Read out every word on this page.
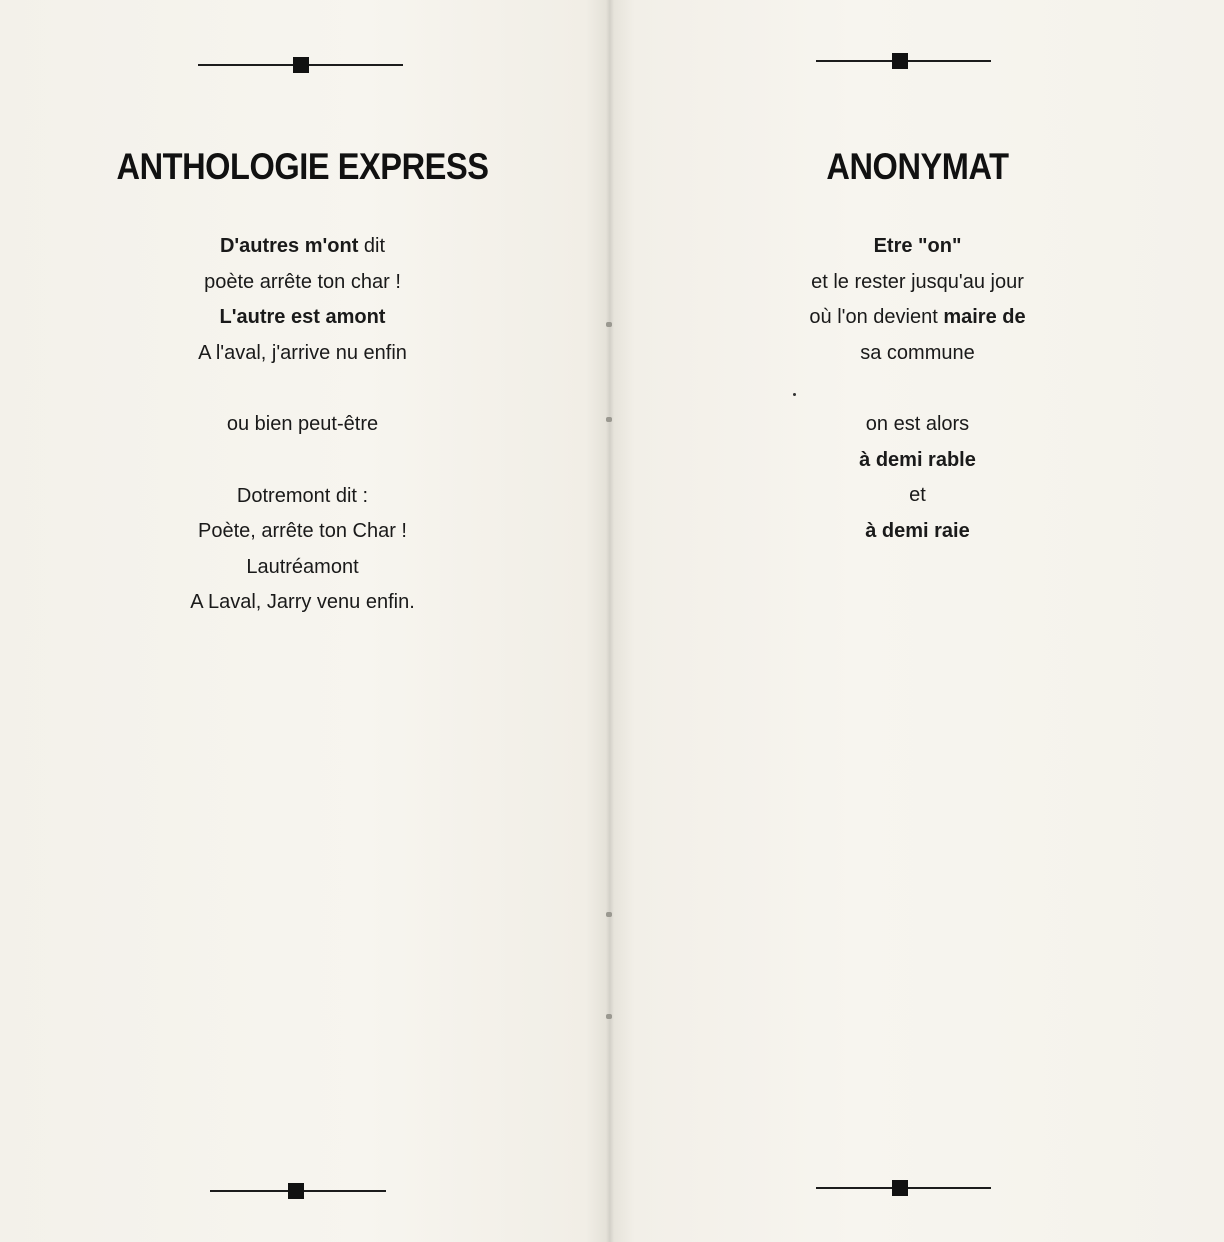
ANTHOLOGIE EXPRESS
D'autres m'ont dit
poète arrête ton char !
L'autre est amont
A l'aval, j'arrive nu enfin
ou bien peut-être
Dotremont dit :
Poète, arrête ton Char !
Lautréamont
A Laval, Jarry venu enfin.
ANONYMAT
Etre "on"
et le rester jusqu'au jour
où l'on devient maire de
sa commune
on est alors
à demi rable
et
à demi raie
